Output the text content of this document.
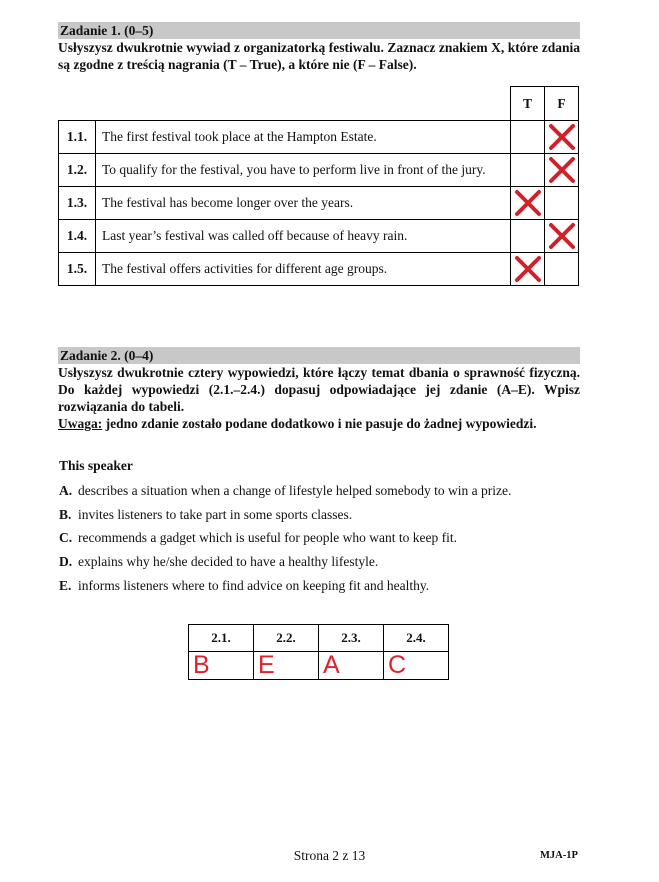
Zadanie 1. (0–5)
Usłyszysz dwukrotnie wywiad z organizatorką festiwalu. Zaznacz znakiem X, które zdania są zgodne z treścią nagrania (T – True), a które nie (F – False).
		T	F
1.1.	The first festival took place at the Hampton Estate.		
1.2.	To qualify for the festival, you have to perform live in front of the jury.		
1.3.	The festival has become longer over the years.		
1.4.	Last year’s festival was called off because of heavy rain.		
1.5.	The festival offers activities for different age groups.		
Zadanie 2. (0–4)
Usłyszysz dwukrotnie cztery wypowiedzi, które łączy temat dbania o sprawność fizyczną. Do każdej wypowiedzi (2.1.–2.4.) dopasuj odpowiadające jej zdanie (A–E). Wpisz rozwiązania do tabeli.
Uwaga: jedno zdanie zostało podane dodatkowo i nie pasuje do żadnej wypowiedzi.
This speaker
A. describes a situation when a change of lifestyle helped somebody to win a prize.
B. invites listeners to take part in some sports classes.
C. recommends a gadget which is useful for people who want to keep fit.
D. explains why he/she decided to have a healthy lifestyle.
E. informs listeners where to find advice on keeping fit and healthy.
2.1.	2.2.	2.3.	2.4.
B	E	A	C
Strona 2 z 13	MJA-1P
